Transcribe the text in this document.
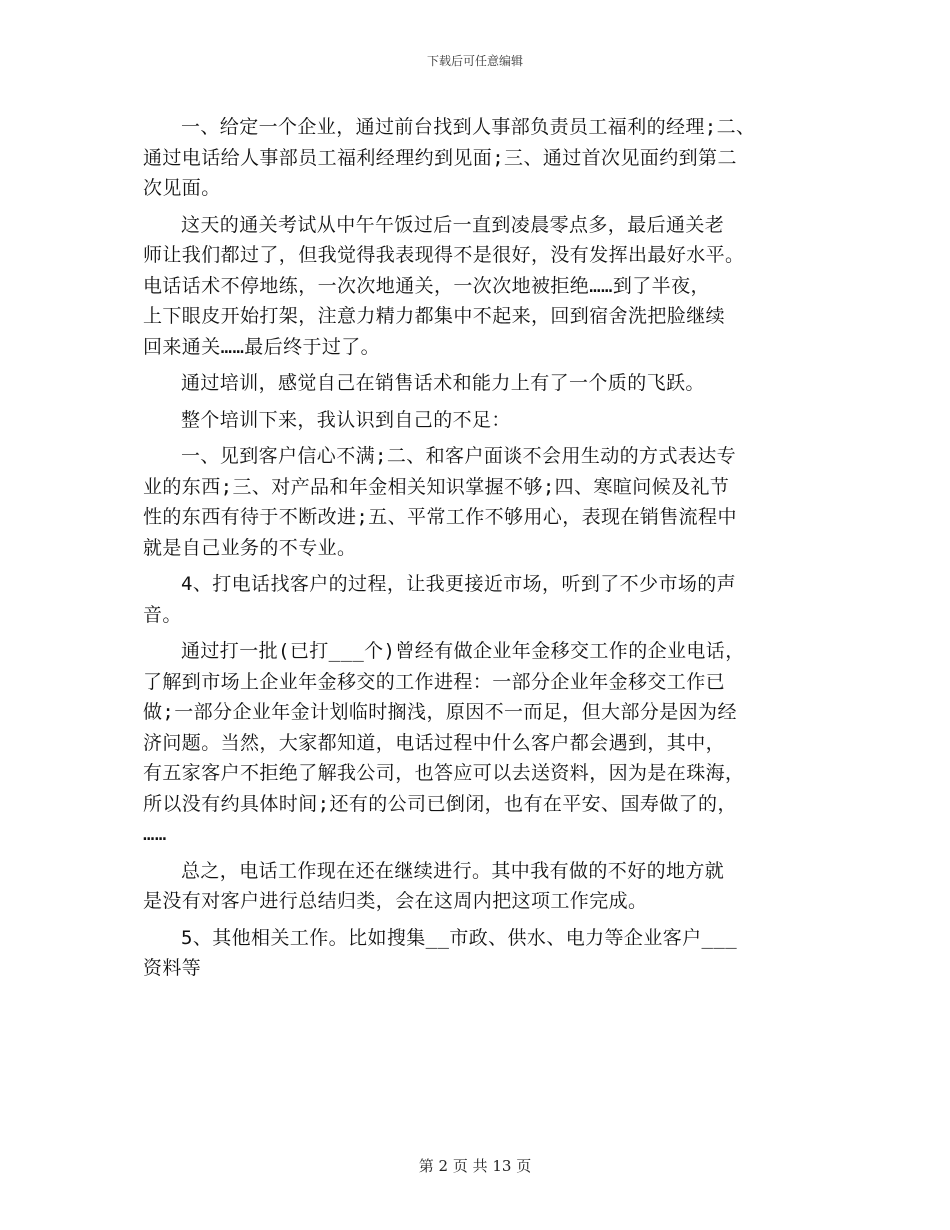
下载后可任意编辑
一、给定一个企业，通过前台找到人事部负责员工福利的经理;二、
通过电话给人事部员工福利经理约到见面;三、通过首次见面约到第二
次见面。
这天的通关考试从中午午饭过后一直到凌晨零点多，最后通关老
师让我们都过了，但我觉得我表现得不是很好，没有发挥出最好水平。
电话话术不停地练，一次次地通关，一次次地被拒绝……到了半夜，
上下眼皮开始打架，注意力精力都集中不起来，回到宿舍洗把脸继续
回来通关……最后终于过了。
通过培训，感觉自己在销售话术和能力上有了一个质的飞跃。
整个培训下来，我认识到自己的不足：
一、见到客户信心不满;二、和客户面谈不会用生动的方式表达专
业的东西;三、对产品和年金相关知识掌握不够;四、寒暄问候及礼节
性的东西有待于不断改进;五、平常工作不够用心，表现在销售流程中
就是自己业务的不专业。
4、打电话找客户的过程，让我更接近市场，听到了不少市场的声
音。
通过打一批(已打___个)曾经有做企业年金移交工作的企业电话，
了解到市场上企业年金移交的工作进程：一部分企业年金移交工作已
做;一部分企业年金计划临时搁浅，原因不一而足，但大部分是因为经
济问题。当然，大家都知道，电话过程中什么客户都会遇到，其中，
有五家客户不拒绝了解我公司，也答应可以去送资料，因为是在珠海，
所以没有约具体时间;还有的公司已倒闭，也有在平安、国寿做了的，
……
总之，电话工作现在还在继续进行。其中我有做的不好的地方就
是没有对客户进行总结归类，会在这周内把这项工作完成。
5、其他相关工作。比如搜集__市政、供水、电力等企业客户___
资料等
第 2 页 共 13 页
